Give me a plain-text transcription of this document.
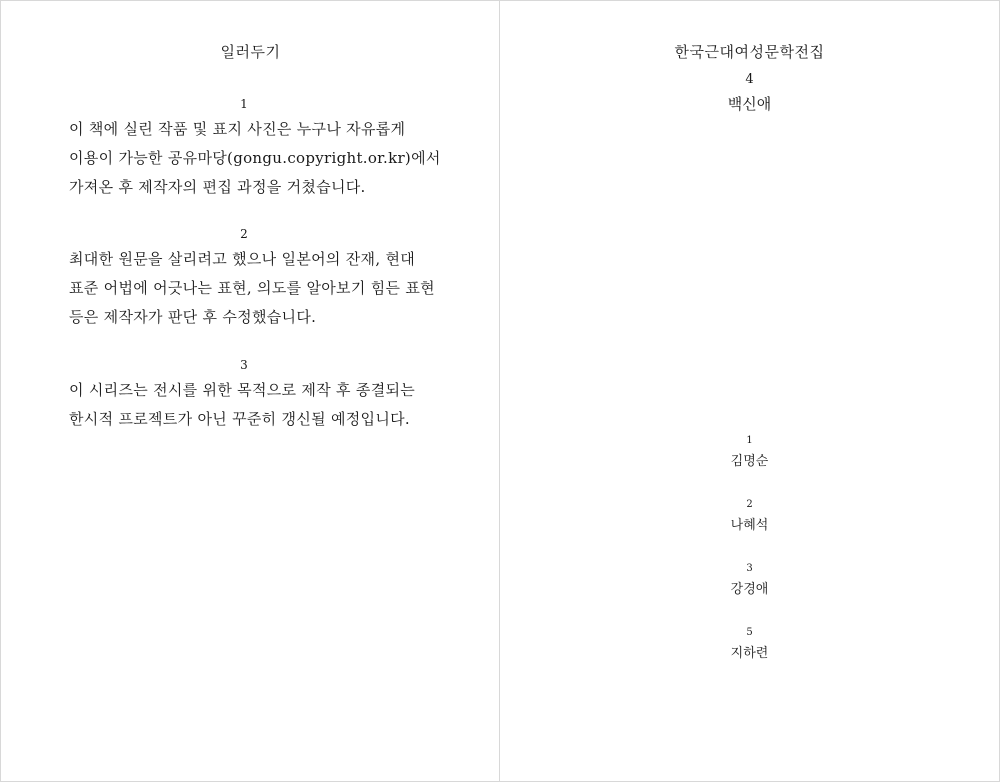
일러두기
1
이 책에 실린 작품 및 표지 사진은 누구나 자유롭게
이용이 가능한 공유마당(gongu.copyright.or.kr)에서
가져온 후 제작자의 편집 과정을 거쳤습니다.
2
최대한 원문을 살리려고 했으나 일본어의 잔재, 현대
표준 어법에 어긋나는 표현, 의도를 알아보기 힘든 표현
등은 제작자가 판단 후 수정했습니다.
3
이 시리즈는 전시를 위한 목적으로 제작 후 종결되는
한시적 프로젝트가 아닌 꾸준히 갱신될 예정입니다.
한국근대여성문학전집
4
백신애
1
김명순
2
나혜석
3
강경애
5
지하련
